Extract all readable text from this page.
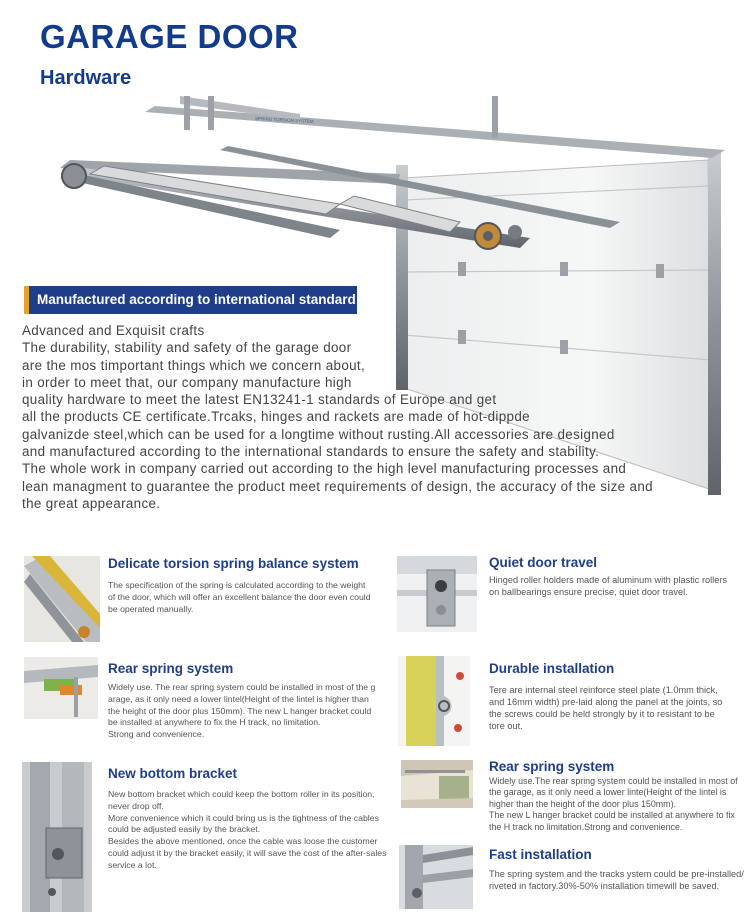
GARAGE DOOR
Hardware
SPRING TORSION SYSTEM
Manufactured according to international standard
Advanced and Exquisit crafts
The durability, stability and safety of the garage door
are the mos timportant things which we concern about,
in order to meet that, our company manufacture high
quality hardware to meet the latest EN13241-1 standards of Europe and get
all the products CE certificate.Trcaks, hinges and rackets are made of hot-dippde
galvanizde steel,which can be used for a longtime without rusting.All accessories are designed
and manufactured according to the international standards to ensure the safety and stability.
The whole work in company carried out according to the high level manufacturing processes and
lean managment to guarantee the product meet requirements of design, the accuracy of the size and
the great appearance.
Delicate torsion spring balance system
The specification of the spring is calculated according to the weight
of the door, which will offer an excellent balance the door even could
be operated manually.
Quiet door travel
Hinged roller holders made of aluminum with plastic rollers
on ballbearings ensure precise, quiet door travel.
Rear spring system
Widely use. The rear spring system could be installed in most of the g
arage, as it only need a lower lintel(Height of the lintel is higher than
the height of the door plus 150mm). The new L hanger bracket could
be installed at anywhere to fix the H track, no limitation.
Strong and convenience.
Durable installation
Tere are internal steel reinforce steel plate (1.0mm thick,
and 16mm width) pre-laid along the panel at the joints, so
the screws could be held strongly by it to resistant to be
tore out.
New bottom bracket
New bottom bracket which could keep the bottom roller in its position,
never drop off.
More convenience which it could bring us is the tightness of the cables
could be adjusted easily by the bracket.
Besides the above mentioned, once the cable was loose the customer
could adjust it by the bracket easily, it will save the cost of the after-sales
service a lot.
Rear spring system
Widely use.The rear spring system could be installed in most of
the garage, as it only need a lower linte(Height of the lintel is
higher than the height of the door plus 150mm).
The new L hanger bracket could be installed at anywhere to fix
the H track no limitation.Strong and convenience.
Fast installation
The spring system and the tracks ystem could be pre-installed/
riveted in factory.30%-50% installation timewill be saved.
